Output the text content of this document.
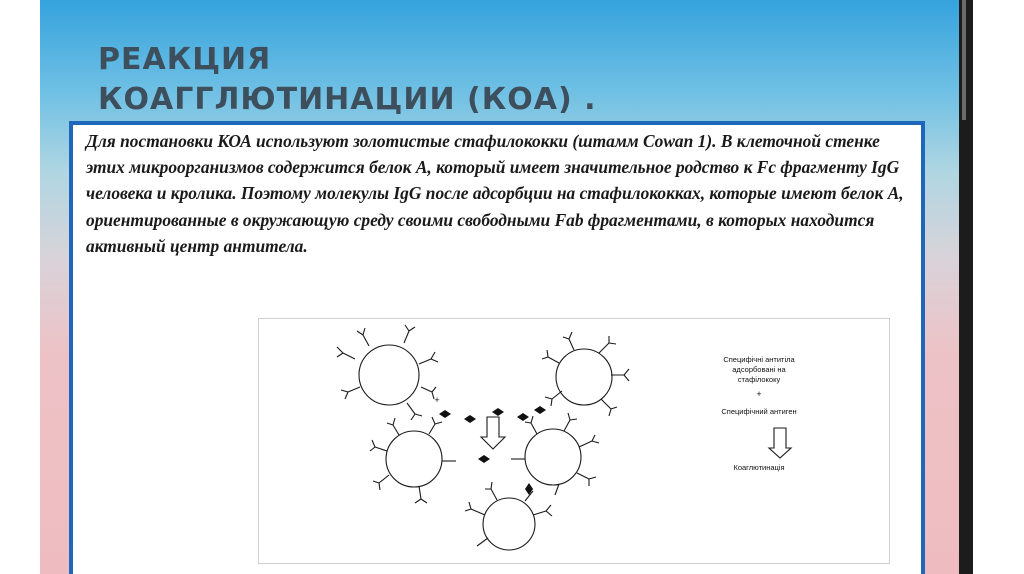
РЕАКЦИЯ
КОАГГЛЮТИНАЦИИ (КОА) .

Для постановки КОА используют золотистые стафилококки (штамм Cowan 1). В клеточной стенке этих микроорганизмов содержится белок А, который имеет значительное родство к Fc фрагменту IgG человека и кролика. Поэтому молекулы IgG после адсорбции на стафилококках, которые имеют белок А, ориентированные в окружающую среду своими свободными Fab фрагментами, в которых находится активный центр антитела.

+
Специфічні антитіла
адсорбовані на
стафілококу
+
Специфічний антиген
Коаглютинація
